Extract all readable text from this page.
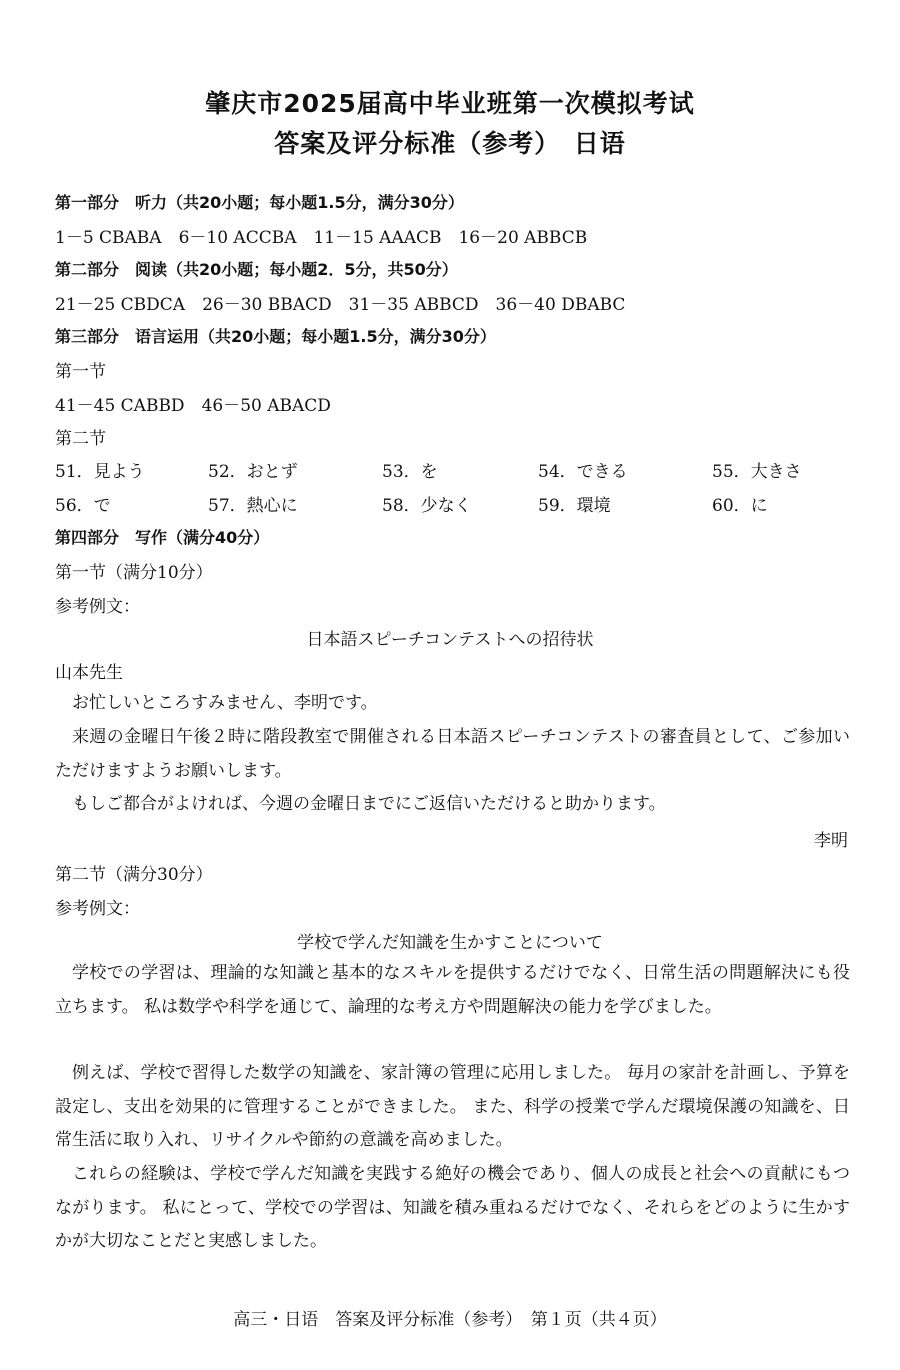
肇庆市2025届高中毕业班第一次模拟考试
答案及评分标准（参考）　日语
第一部分　听力（共20小题；每小题1.5分，满分30分）
1－5 CBABA　6－10 ACCBA　11－15 AAACB　16－20 ABBCB
第二部分　阅读（共20小题；每小题2．5分，共50分）
21－25 CBDCA　26－30 BBACD　31－35 ABBCD　36－40 DBABC
第三部分　语言运用（共20小题；每小题1.5分，满分30分）
第一节
41－45 CABBD　46－50 ABACD
第二节
51．見よう	52．おとず	53．を	54．できる	55．大きさ
56．で	57．熱心に	58．少なく	59．環境	60．に
第四部分　写作（满分40分）
第一节（满分10分）
参考例文：
日本語スピーチコンテストへの招待状
山本先生
お忙しいところすみません、李明です。
来週の金曜日午後２時に階段教室で開催される日本語スピーチコンテストの審査員として、ご参加いただけますようお願いします。
もしご都合がよければ、今週の金曜日までにご返信いただけると助かります。
李明
第二节（满分30分）
参考例文：
学校で学んだ知識を生かすことについて
学校での学習は、理論的な知識と基本的なスキルを提供するだけでなく、日常生活の問題解決にも役立ちます。 私は数学や科学を通じて、論理的な考え方や問題解決の能力を学びました。
例えば、学校で習得した数学の知識を、家計簿の管理に応用しました。 毎月の家計を計画し、予算を設定し、支出を効果的に管理することができました。 また、科学の授業で学んだ環境保護の知識を、日常生活に取り入れ、リサイクルや節約の意識を高めました。
これらの経験は、学校で学んだ知識を実践する絶好の機会であり、個人の成長と社会への貢献にもつながります。 私にとって、学校での学習は、知識を積み重ねるだけでなく、それらをどのように生かすかが大切なことだと実感しました。
高三・日语　答案及评分标准（参考）　第１页（共４页）
